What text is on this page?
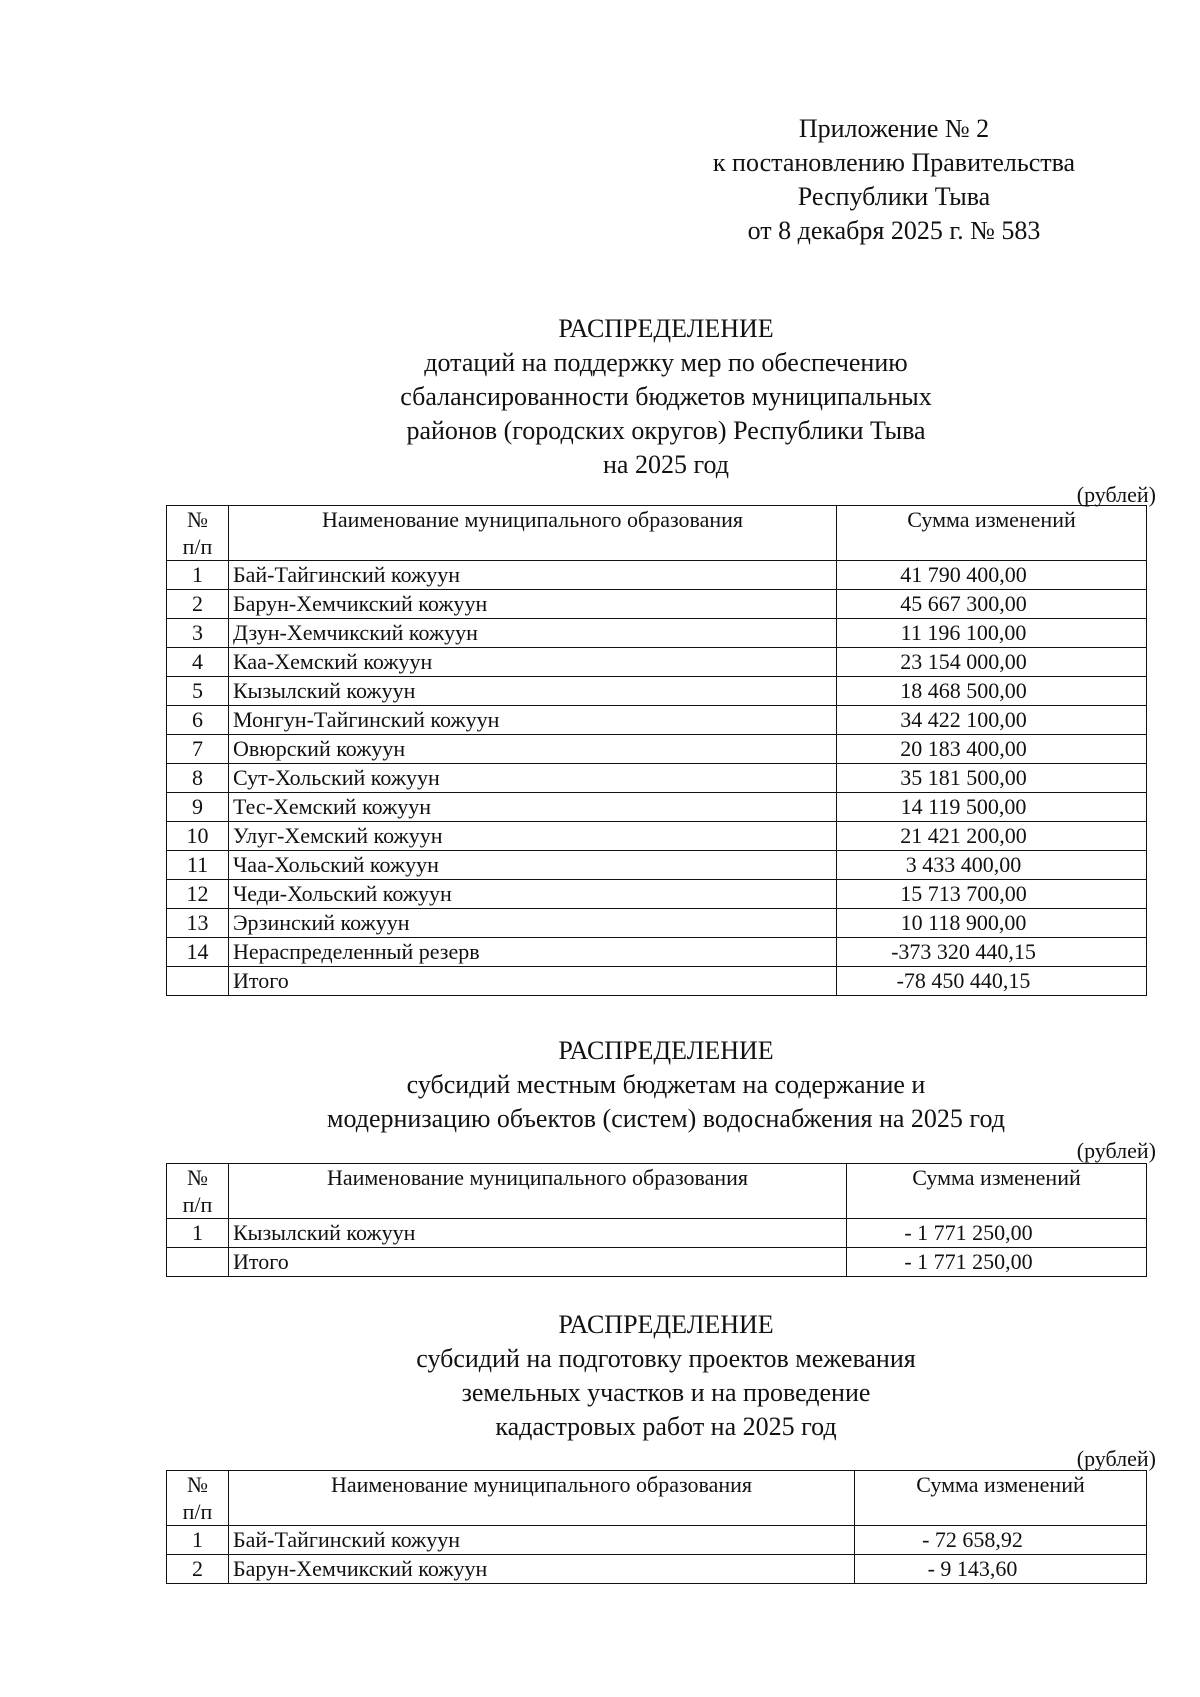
Приложение № 2
к постановлению Правительства
Республики Тыва
от 8 декабря 2025 г. № 583
РАСПРЕДЕЛЕНИЕ
дотаций на поддержку мер по обеспечению
сбалансированности бюджетов муниципальных
районов (городских округов) Республики Тыва
на 2025 год
(рублей)
№
п/п	Наименование муниципального образования	Сумма изменений
1	Бай-Тайгинский кожуун	41 790 400,00
2	Барун-Хемчикский кожуун	45 667 300,00
3	Дзун-Хемчикский кожуун	11 196 100,00
4	Каа-Хемский кожуун	23 154 000,00
5	Кызылский кожуун	18 468 500,00
6	Монгун-Тайгинский кожуун	34 422 100,00
7	Овюрский кожуун	20 183 400,00
8	Сут-Хольский кожуун	35 181 500,00
9	Тес-Хемский кожуун	14 119 500,00
10	Улуг-Хемский кожуун	21 421 200,00
11	Чаа-Хольский кожуун	3 433 400,00
12	Чеди-Хольский кожуун	15 713 700,00
13	Эрзинский кожуун	10 118 900,00
14	Нераспределенный резерв	-373 320 440,15
	Итого	-78 450 440,15
РАСПРЕДЕЛЕНИЕ
субсидий местным бюджетам на содержание и
модернизацию объектов (систем) водоснабжения на 2025 год
(рублей)
№
п/п	Наименование муниципального образования	Сумма изменений
1	Кызылский кожуун	- 1 771 250,00
	Итого	- 1 771 250,00
РАСПРЕДЕЛЕНИЕ
субсидий на подготовку проектов межевания
земельных участков и на проведение
кадастровых работ на 2025 год
(рублей)
№
п/п	Наименование муниципального образования	Сумма изменений
1	Бай-Тайгинский кожуун	- 72 658,92
2	Барун-Хемчикский кожуун	- 9 143,60
